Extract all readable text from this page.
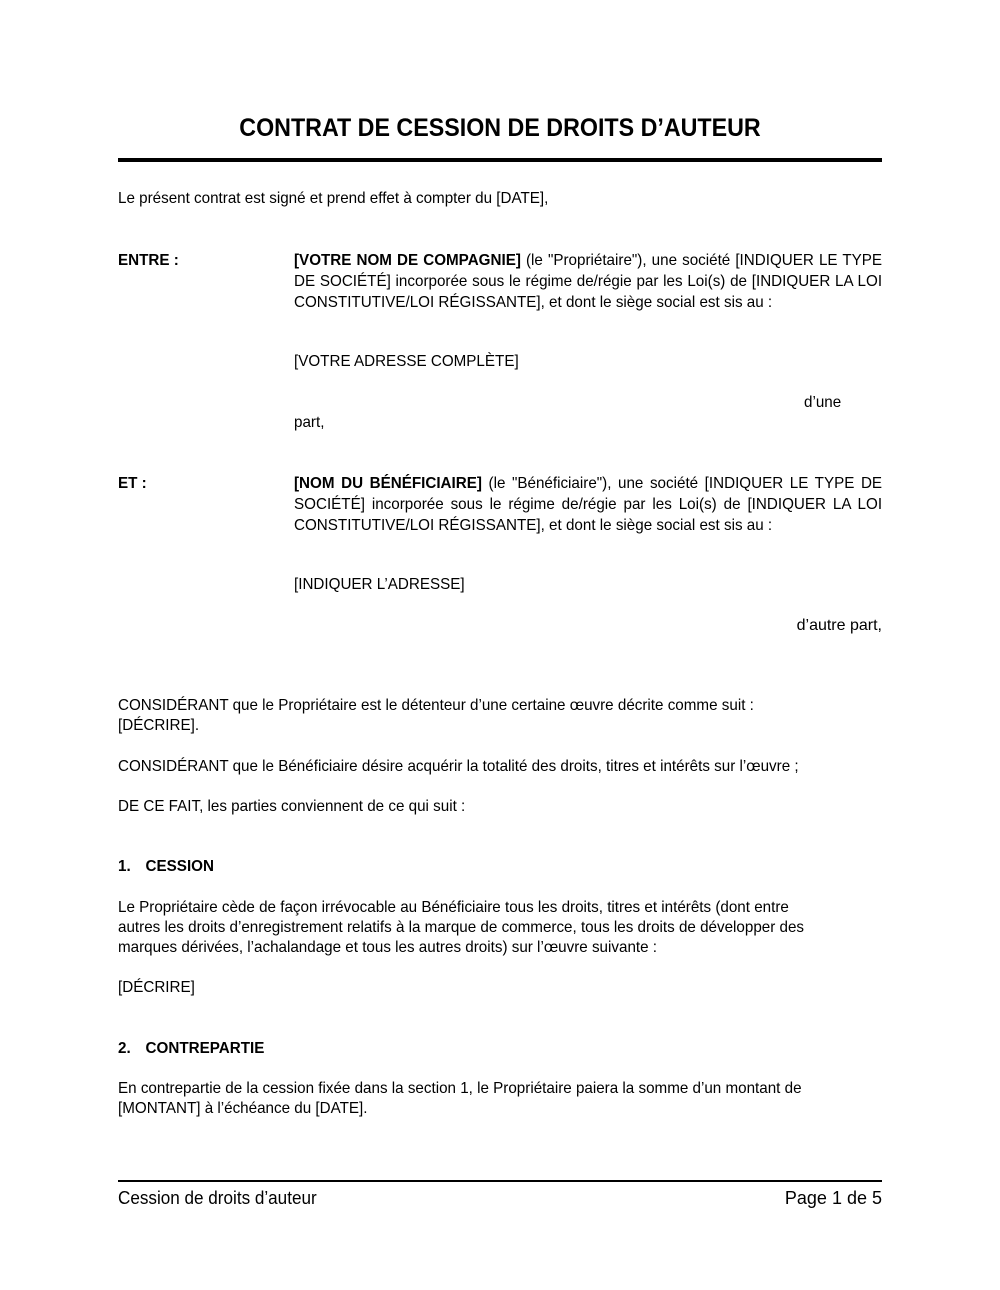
CONTRAT DE CESSION DE DROITS D’AUTEUR
Le présent contrat est signé et prend effet à compter du [DATE],
ENTRE :	[VOTRE NOM DE COMPAGNIE] (le "Propriétaire"), une société [INDIQUER LE TYPE DE SOCIÉTÉ] incorporée sous le régime de/régie par les Loi(s) de [INDIQUER LA LOI CONSTITUTIVE/LOI RÉGISSANTE], et dont le siège social est sis au :
[VOTRE ADRESSE COMPLÈTE]
d’une
part,
ET :	[NOM DU BÉNÉFICIAIRE] (le "Bénéficiaire"), une société [INDIQUER LE TYPE DE SOCIÉTÉ] incorporée sous le régime de/régie par les Loi(s) de [INDIQUER LA LOI CONSTITUTIVE/LOI RÉGISSANTE], et dont le siège social est sis au :
[INDIQUER L’ADRESSE]
d’autre part,
CONSIDÉRANT que le Propriétaire est le détenteur d’une certaine œuvre décrite comme suit :
[DÉCRIRE].
CONSIDÉRANT que le Bénéficiaire désire acquérir la totalité des droits, titres et intérêts sur l’œuvre ;
DE CE FAIT, les parties conviennent de ce qui suit :
1. CESSION
Le Propriétaire cède de façon irrévocable au Bénéficiaire tous les droits, titres et intérêts (dont entre
autres les droits d’enregistrement relatifs à la marque de commerce, tous les droits de développer des
marques dérivées, l’achalandage et tous les autres droits) sur l’œuvre suivante :
[DÉCRIRE]
2. CONTREPARTIE
En contrepartie de la cession fixée dans la section 1, le Propriétaire paiera la somme d’un montant de
[MONTANT] à l’échéance du [DATE].
Cession de droits d’auteur	Page 1 de 5
